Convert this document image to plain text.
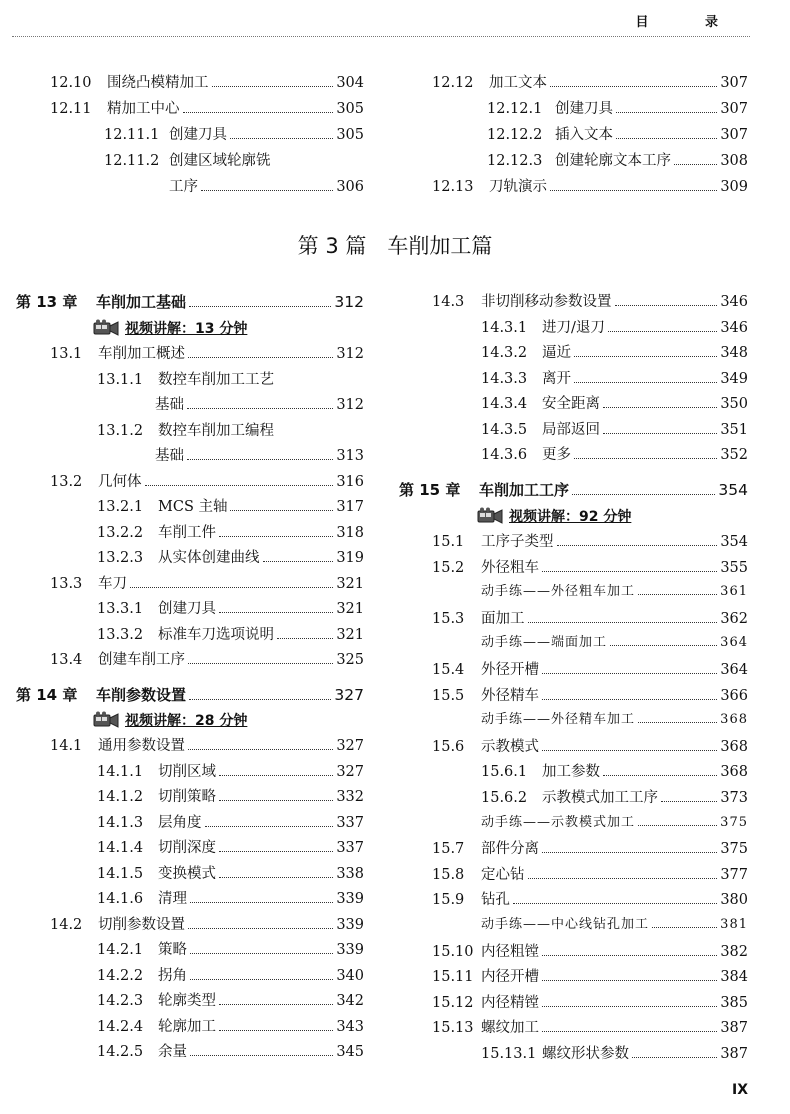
目 录
第 3 篇　车削加工篇
12.10	围绕凸模精加工	304
12.11	精加工中心	305
12.11.1 创建刀具	305
12.11.2 创建区域轮廓铣
工序	306
12.12	加工文本	307
12.12.1 创建刀具	307
12.12.2 插入文本	307
12.12.3 创建轮廓文本工序	308
12.13	刀轨演示	309
第 13 章	车削加工基础	312
视频讲解：13 分钟
13.1	车削加工概述	312
13.1.1	数控车削加工工艺
基础	312
13.1.2	数控车削加工编程
基础	313
13.2	几何体	316
13.2.1	MCS 主轴	317
13.2.2	车削工件	318
13.2.3	从实体创建曲线	319
13.3	车刀	321
13.3.1	创建刀具	321
13.3.2	标准车刀选项说明	321
13.4	创建车削工序	325
第 14 章	车削参数设置	327
视频讲解：28 分钟
14.1	通用参数设置	327
14.1.1	切削区域	327
14.1.2	切削策略	332
14.1.3	层角度	337
14.1.4	切削深度	337
14.1.5	变换模式	338
14.1.6	清理	339
14.2	切削参数设置	339
14.2.1	策略	339
14.2.2	拐角	340
14.2.3	轮廓类型	342
14.2.4	轮廓加工	343
14.2.5	余量	345
14.3	非切削移动参数设置	346
14.3.1	进刀/退刀	346
14.3.2	逼近	348
14.3.3	离开	349
14.3.4	安全距离	350
14.3.5	局部返回	351
14.3.6	更多	352
第 15 章	车削加工工序	354
视频讲解：92 分钟
15.1	工序子类型	354
15.2	外径粗车	355
动手练——外径粗车加工	361
15.3	面加工	362
动手练——端面加工	364
15.4	外径开槽	364
15.5	外径精车	366
动手练——外径精车加工	368
15.6	示教模式	368
15.6.1	加工参数	368
15.6.2	示教模式加工工序	373
动手练——示教模式加工	375
15.7	部件分离	375
15.8	定心钻	377
15.9	钻孔	380
动手练——中心线钻孔加工	381
15.10 内径粗镗	382
15.11 内径开槽	384
15.12 内径精镗	385
15.13 螺纹加工	387
15.13.1 螺纹形状参数	387
IX
